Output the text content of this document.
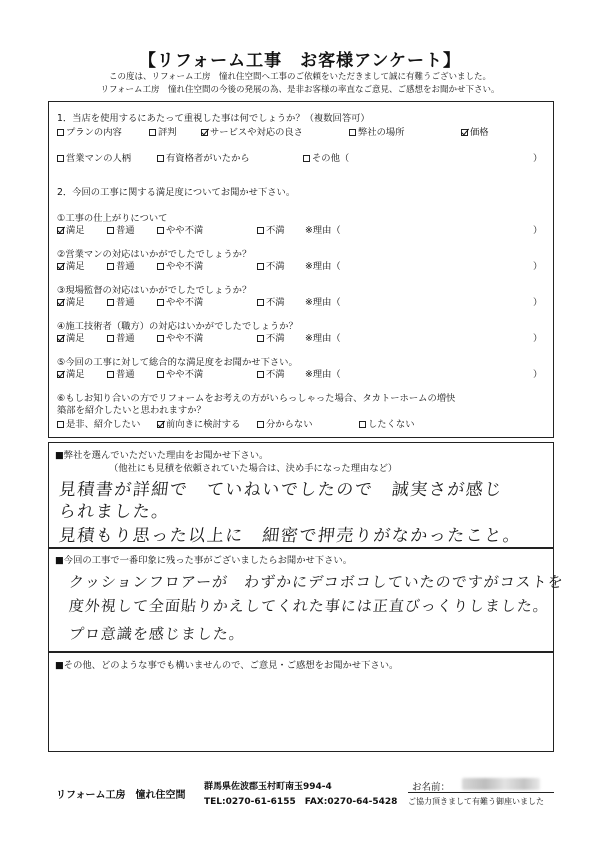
【リフォーム工事　お客様アンケート】
この度は、リフォーム工房　憧れ住空間へ工事のご依頼をいただきまして誠に有難うございました。
リフォーム工房　憧れ住空間の今後の発展の為、是非お客様の率直なご意見、ご感想をお聞かせ下さい。
1．当店を使用するにあたって重視した事は何でしょうか？（複数回答可）
プランの内容	評判	サービスや対応の良さ	弊社の場所	価格
営業マンの人柄	有資格者がいたから	その他（	）
2．今回の工事に関する満足度についてお聞かせ下さい。
①工事の仕上がりについて
満足	普通	やや不満	不満 ※理由（	）
②営業マンの対応はいかがでしたでしょうか？
満足	普通	やや不満	不満 ※理由（	）
③現場監督の対応はいかがでしたでしょうか？
満足	普通	やや不満	不満 ※理由（	）
④施工技術者（職方）の対応はいかがでしたでしょうか？
満足	普通	やや不満	不満 ※理由（	）
⑤今回の工事に対して総合的な満足度をお聞かせ下さい。
満足	普通	やや不満	不満 ※理由（	）
⑥もしお知り合いの方でリフォームをお考えの方がいらっしゃった場合、タカトーホームの増快
築部を紹介したいと思われますか？
是非、紹介したい	前向きに検討する	分からない	したくない
■弊社を選んでいただいた理由をお聞かせ下さい。
（他社にも見積を依頼されていた場合は、決め手になった理由など）
見積書が詳細で　ていねいでしたので　誠実さが感じ
られました。
見積もり思った以上に　細密で押売りがなかったこと。
■今回の工事で一番印象に残った事がございましたらお聞かせ下さい。
クッションフロアーが　わずかにデコボコしていたのですがコストを
度外視して全面貼りかえしてくれた事には正直びっくりしました。
プロ意識を感じました。
■その他、どのような事でも構いませんので、ご意見・ご感想をお聞かせ下さい。
リフォーム工房　憧れ住空間
群馬県佐波郡玉村町南玉994-4
TEL:0270-61-6155　FAX:0270-64-5428
お名前：
ご協力頂きまして有難う御座いました
